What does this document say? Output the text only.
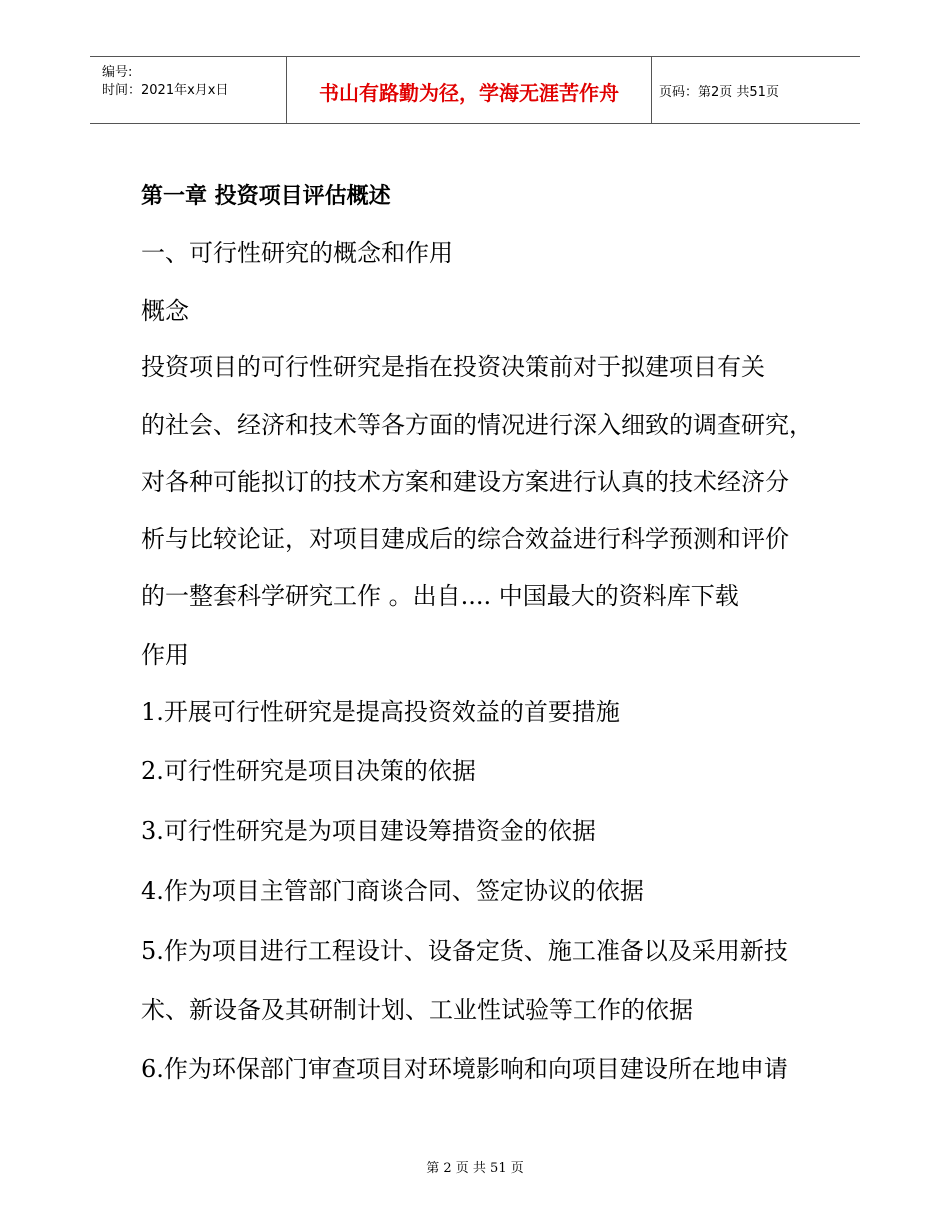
编号:
时间：2021年x月x日	书山有路勤为径，学海无涯苦作舟	页码：第2页 共51页
第一章 投资项目评估概述
一、可行性研究的概念和作用
概念
投资项目的可行性研究是指在投资决策前对于拟建项目有关
的社会、经济和技术等各方面的情况进行深入细致的调查研究，
对各种可能拟订的技术方案和建设方案进行认真的技术经济分
析与比较论证，对项目建成后的综合效益进行科学预测和评价
的一整套科学研究工作 。出自.... 中国最大的资料库下载
作用
1.开展可行性研究是提高投资效益的首要措施
2.可行性研究是项目决策的依据
3.可行性研究是为项目建设筹措资金的依据
4.作为项目主管部门商谈合同、签定协议的依据
5.作为项目进行工程设计、设备定货、施工准备以及采用新技
术、新设备及其研制计划、工业性试验等工作的依据
6.作为环保部门审查项目对环境影响和向项目建设所在地申请
第 2 页 共 51 页
